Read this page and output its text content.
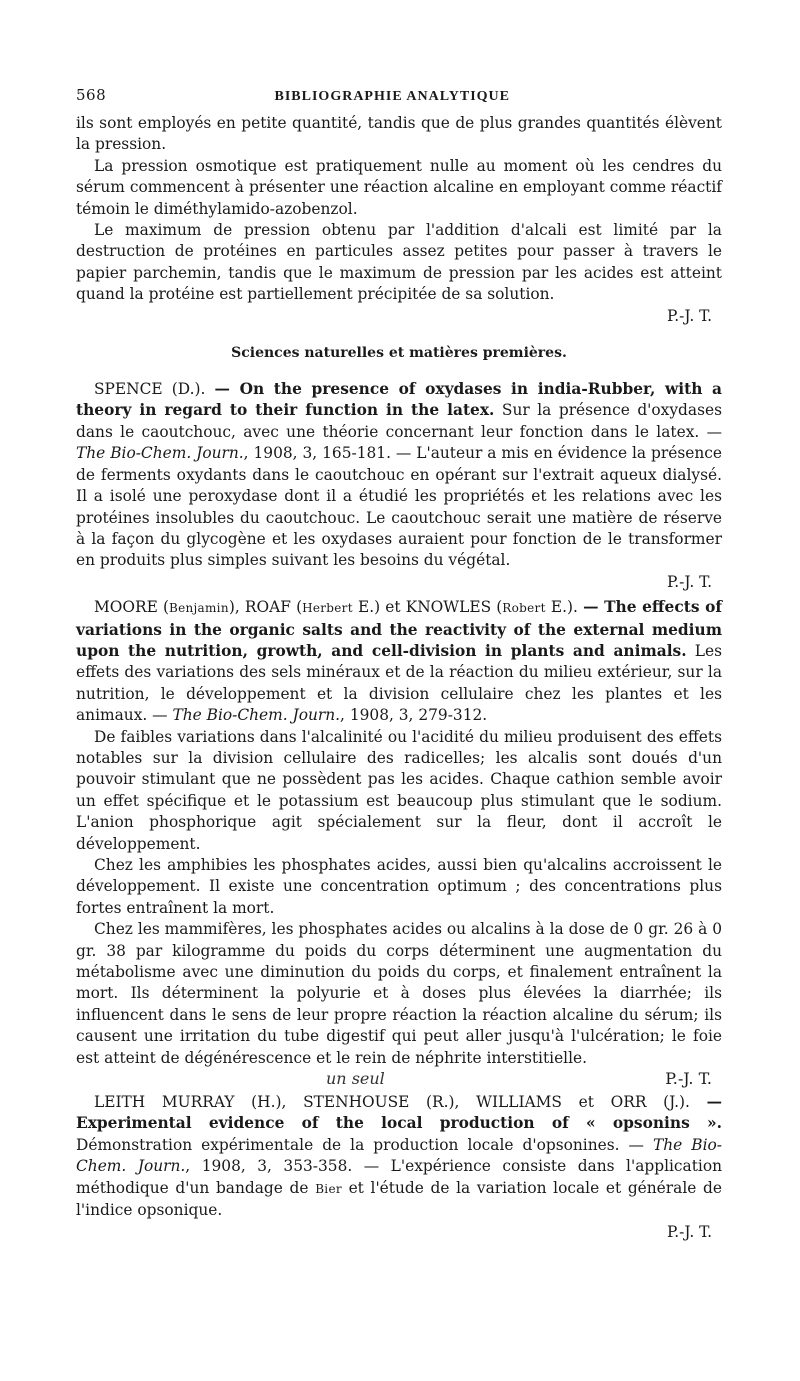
568	BIBLIOGRAPHIE ANALYTIQUE

ils sont employés en petite quantité, tandis que de plus grandes quantités élèvent la pression.

La pression osmotique est pratiquement nulle au moment où les cendres du sérum commencent à présenter une réaction alcaline en employant comme réactif témoin le diméthylamido-azobenzol.

Le maximum de pression obtenu par l'addition d'alcali est limité par la destruction de protéines en particules assez petites pour passer à travers le papier parchemin, tandis que le maximum de pression par les acides est atteint quand la protéine est partiellement précipitée de sa solution.

P.-J. T.
Sciences naturelles et matières premières.

SPENCE (D.). — On the presence of oxydases in india-Rubber, with a theory in regard to their function in the latex. Sur la présence d'oxydases dans le caoutchouc, avec une théorie concernant leur fonction dans le latex. — The Bio-Chem. Journ., 1908, 3, 165-181. — L'auteur a mis en évidence la présence de ferments oxydants dans le caoutchouc en opérant sur l'extrait aqueux dialysé. Il a isolé une peroxydase dont il a étudié les propriétés et les relations avec les protéines insolubles du caoutchouc. Le caoutchouc serait une matière de réserve à la façon du glycogène et les oxydases auraient pour fonction de le transformer en produits plus simples suivant les besoins du végétal.

P.-J. T.

MOORE (Benjamin), ROAF (Herbert E.) et KNOWLES (Robert E.). — The effects of variations in the organic salts and the reactivity of the external medium upon the nutrition, growth, and cell-division in plants and animals. Les effets des variations des sels minéraux et de la réaction du milieu extérieur, sur la nutrition, le développement et la division cellulaire chez les plantes et les animaux. — The Bio-Chem. Journ., 1908, 3, 279-312.

De faibles variations dans l'alcalinité ou l'acidité du milieu produisent des effets notables sur la division cellulaire des radicelles; les alcalis sont doués d'un pouvoir stimulant que ne possèdent pas les acides. Chaque cathion semble avoir un effet spécifique et le potassium est beaucoup plus stimulant que le sodium. L'anion phosphorique agit spécialement sur la fleur, dont il accroît le développement.

Chez les amphibies les phosphates acides, aussi bien qu'alcalins accroissent le développement. Il existe une concentration optimum ; des concentrations plus fortes entraînent la mort.

Chez les mammifères, les phosphates acides ou alcalins à la dose de 0 gr. 26 à 0 gr. 38 par kilogramme du poids du corps déterminent une augmentation du métabolisme avec une diminution du poids du corps, et finalement entraînent la mort. Ils déterminent la polyurie et à doses plus élevées la diarrhée; ils influencent dans le sens de leur propre réaction la réaction alcaline du sérum; ils causent une irritation du tube digestif qui peut aller jusqu'à l'ulcération; le foie est atteint de dégénérescence et le rein de néphrite interstitielle.

un seul	P.-J. T.

LEITH MURRAY (H.), STENHOUSE (R.), WILLIAMS et ORR (J.). — Experimental evidence of the local production of « opsonins ». Démonstration expérimentale de la production locale d'opsonines. — The Bio-Chem. Journ., 1908, 3, 353-358. — L'expérience consiste dans l'application méthodique d'un bandage de Bier et l'étude de la variation locale et générale de l'indice opsonique.

P.-J. T.
